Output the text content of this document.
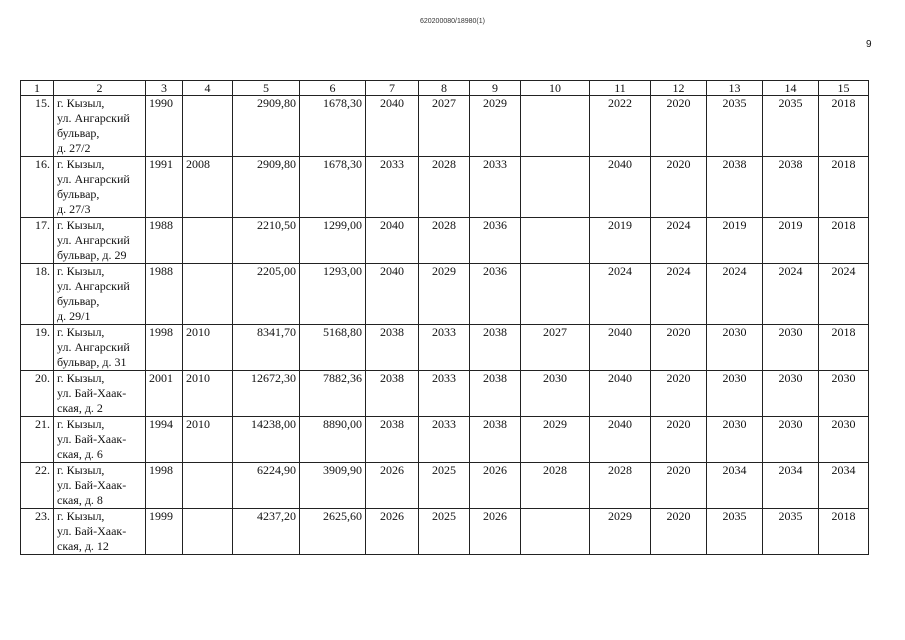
620200080/18980(1)
9
1	2	3	4	5	6	7	8	9	10	11	12	13	14	15
15.	г. Кызыл,
ул. Ангарский
бульвар,
д. 27/2	1990		2909,80	1678,30	2040	2027	2029		2022	2020	2035	2035	2018
16.	г. Кызыл,
ул. Ангарский
бульвар,
д. 27/3	1991	2008	2909,80	1678,30	2033	2028	2033		2040	2020	2038	2038	2018
17.	г. Кызыл,
ул. Ангарский
бульвар, д. 29	1988		2210,50	1299,00	2040	2028	2036		2019	2024	2019	2019	2018
18.	г. Кызыл,
ул. Ангарский
бульвар,
д. 29/1	1988		2205,00	1293,00	2040	2029	2036		2024	2024	2024	2024	2024
19.	г. Кызыл,
ул. Ангарский
бульвар, д. 31	1998	2010	8341,70	5168,80	2038	2033	2038	2027	2040	2020	2030	2030	2018
20.	г. Кызыл,
ул. Бай-Хаак-
ская, д. 2	2001	2010	12672,30	7882,36	2038	2033	2038	2030	2040	2020	2030	2030	2030
21.	г. Кызыл,
ул. Бай-Хаак-
ская, д. 6	1994	2010	14238,00	8890,00	2038	2033	2038	2029	2040	2020	2030	2030	2030
22.	г. Кызыл,
ул. Бай-Хаак-
ская, д. 8	1998		6224,90	3909,90	2026	2025	2026	2028	2028	2020	2034	2034	2034
23.	г. Кызыл,
ул. Бай-Хаак-
ская, д. 12	1999		4237,20	2625,60	2026	2025	2026		2029	2020	2035	2035	2018
